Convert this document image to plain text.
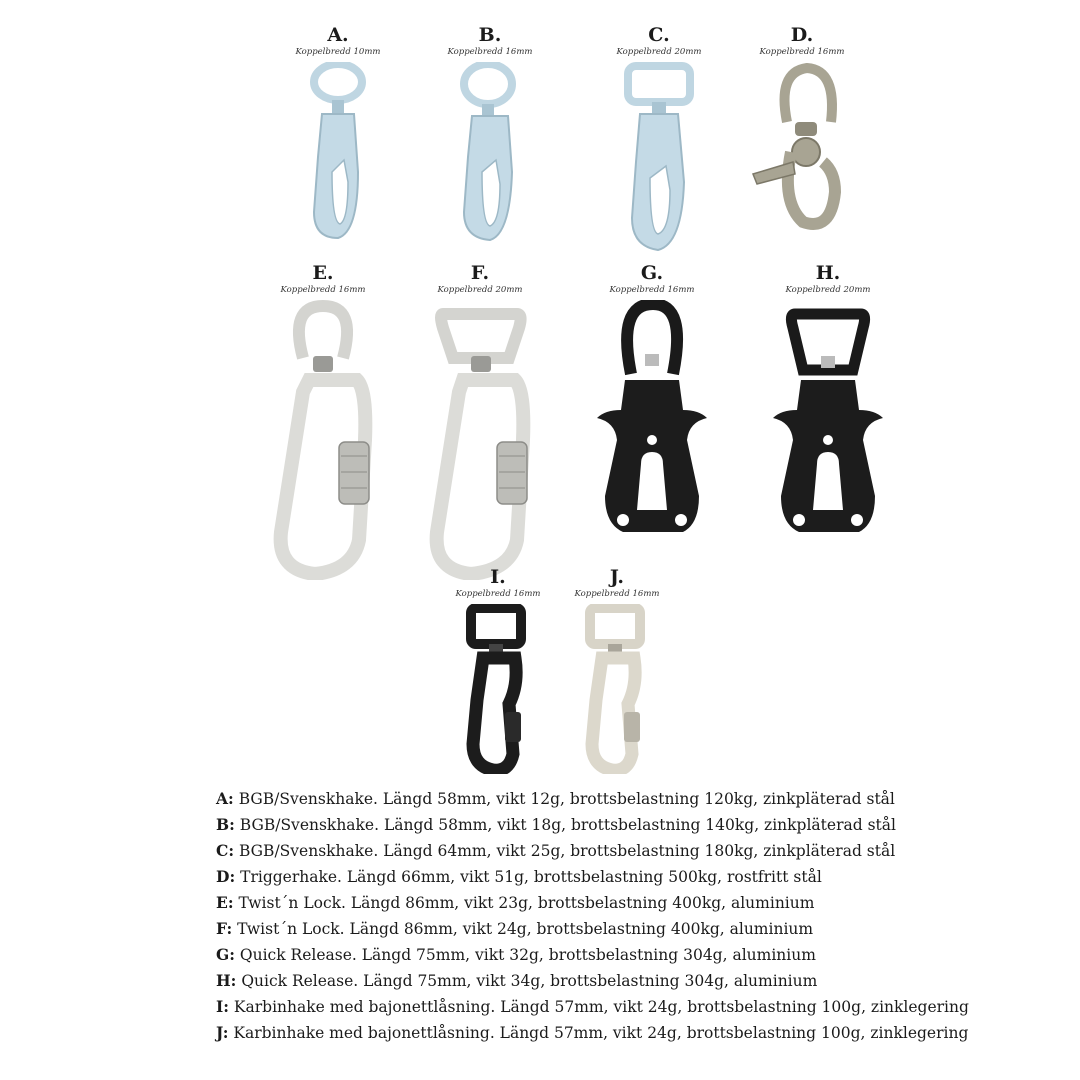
A.
Koppelbredd 10mm
B.
Koppelbredd 16mm
C.
Koppelbredd 20mm
D.
Koppelbredd 16mm
E.
Koppelbredd 16mm
F.
Koppelbredd 20mm
G.
Koppelbredd 16mm
H.
Koppelbredd 20mm
I.
Koppelbredd 16mm
J.
Koppelbredd 16mm
A: BGB/Svenskhake. Längd 58mm, vikt 12g, brottsbelastning 120kg, zinkpläterad stål
B: BGB/Svenskhake. Längd 58mm, vikt 18g, brottsbelastning 140kg, zinkpläterad stål
C: BGB/Svenskhake. Längd 64mm, vikt 25g, brottsbelastning 180kg, zinkpläterad stål
D: Triggerhake. Längd 66mm, vikt 51g, brottsbelastning 500kg, rostfritt stål
E: Twist´n Lock. Längd 86mm, vikt 23g, brottsbelastning 400kg, aluminium
F: Twist´n Lock. Längd 86mm, vikt 24g, brottsbelastning 400kg, aluminium
G: Quick Release. Längd 75mm, vikt 32g, brottsbelastning 304g, aluminium
H: Quick Release. Längd 75mm, vikt 34g, brottsbelastning 304g, aluminium
I: Karbinhake med bajonettlåsning. Längd 57mm, vikt 24g, brottsbelastning 100g, zinklegering
J: Karbinhake med bajonettlåsning. Längd 57mm, vikt 24g, brottsbelastning 100g, zinklegering
